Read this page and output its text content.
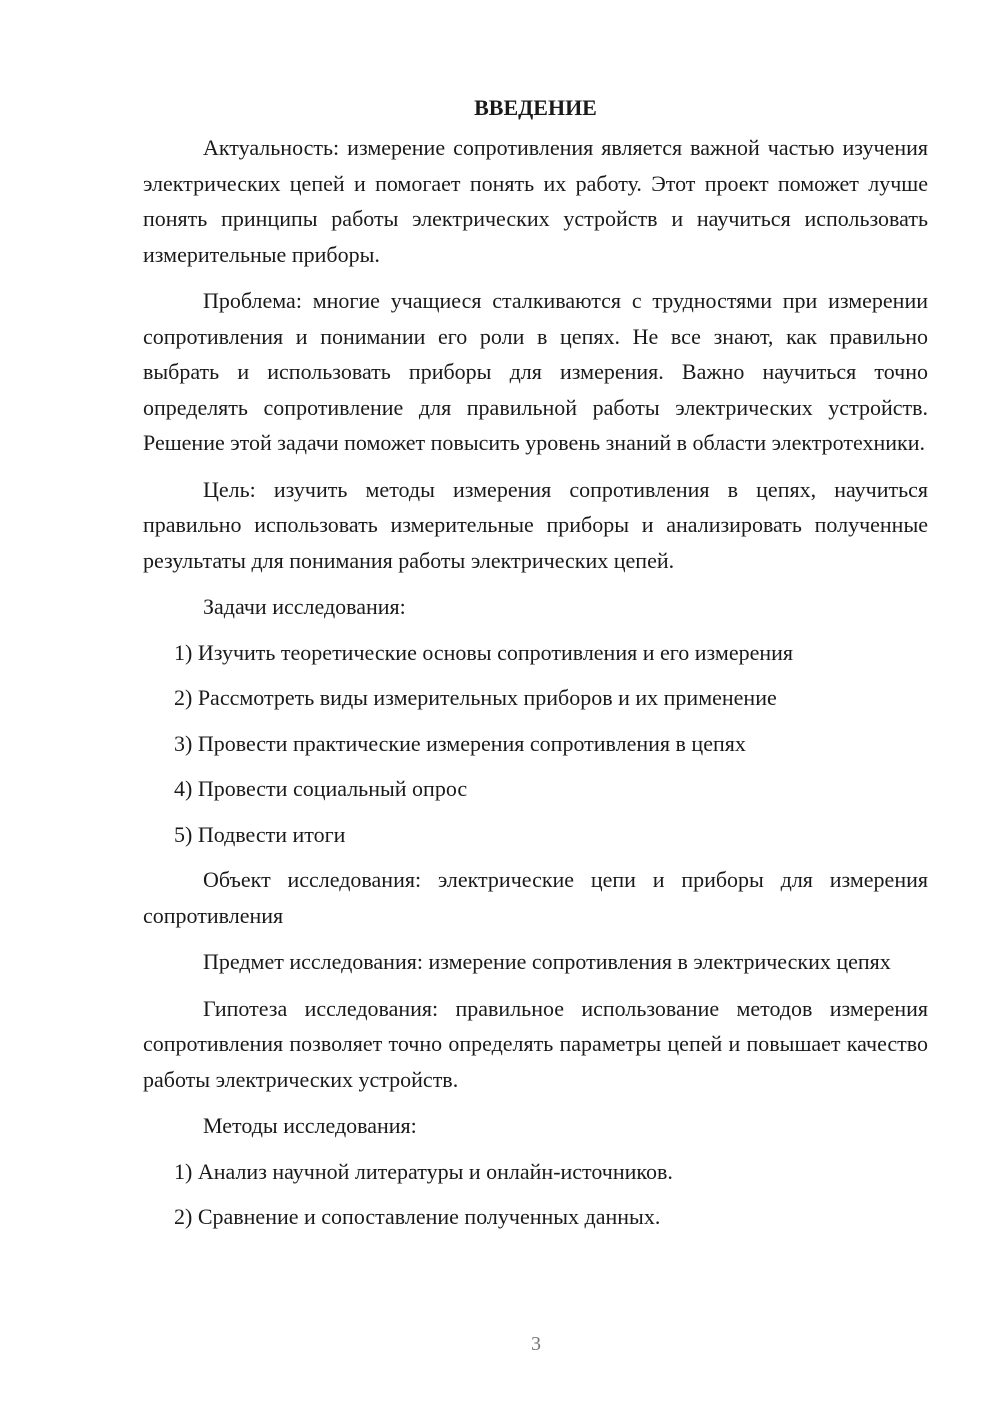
ВВЕДЕНИЕ

Актуальность: измерение сопротивления является важной частью изучения электрических цепей и помогает понять их работу. Этот проект поможет лучше понять принципы работы электрических устройств и научиться использовать измерительные приборы.

Проблема: многие учащиеся сталкиваются с трудностями при измерении сопротивления и понимании его роли в цепях. Не все знают, как правильно выбрать и использовать приборы для измерения. Важно научиться точно определять сопротивление для правильной работы электрических устройств. Решение этой задачи поможет повысить уровень знаний в области электротехники.

Цель: изучить методы измерения сопротивления в цепях, научиться правильно использовать измерительные приборы и анализировать полученные результаты для понимания работы электрических цепей.

Задачи исследования:

1) Изучить теоретические основы сопротивления и его измерения
2) Рассмотреть виды измерительных приборов и их применение
3) Провести практические измерения сопротивления в цепях
4) Провести социальный опрос
5) Подвести итоги

Объект исследования: электрические цепи и приборы для измерения сопротивления

Предмет исследования: измерение сопротивления в электрических цепях

Гипотеза исследования: правильное использование методов измерения сопротивления позволяет точно определять параметры цепей и повышает качество работы электрических устройств.

Методы исследования:

1) Анализ научной литературы и онлайн-источников.
2) Сравнение и сопоставление полученных данных.
3
